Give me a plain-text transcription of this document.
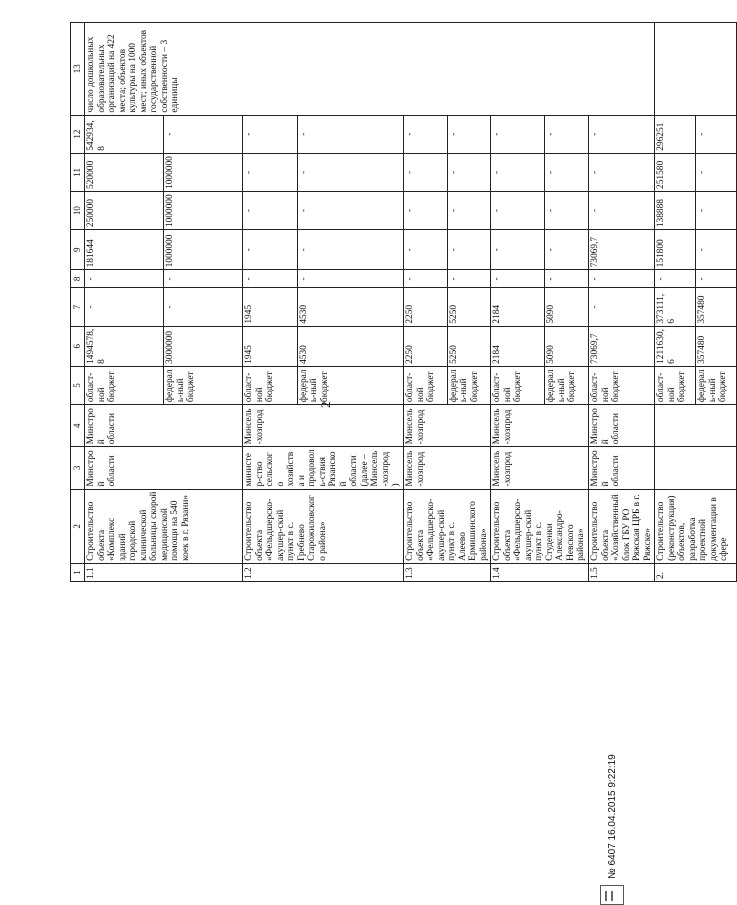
2
1	2	3	4	5	6	7	8	9	10	11	12	13
1.1	Строительство объекта «Комплекс зданий городской клинической больницы скорой медицинской помощи на 540 коек в г. Рязани»	Минстрой области	Минстрой области	област-ной бюджет	1494578,8	-	-	181644	250000	520000	542934,8	число дошкольных образовательных организаций на 422 места; объектов культуры на 1000 мест; иных объектов государственной собственности – 3 единицы
				федераль-ный бюджет	3000000	-	-	1000000	1000000	1000000	-	
1.2	Строительство объекта «Фельдшерско-акушер-ский пункт в с. Гребнево Старожиловского района»	министер-ство сельского хозяйства и продоволь-ствия Рязанской области (далее – Минсель-хозпрод)	Минсель-хозпрод	област-ной бюджет	1945	1945	-	-	-	-	-	
				федераль-ный бюджет	4530	4530	-	-	-	-	-	
1.3	Строительство объекта «Фельдшерско-акушер-ский пункт в с. Алеево Ермишинского района»	Минсель-хозпрод	Минсель-хозпрод	област-ной бюджет	2250	2250	-	-	-	-	-	
				федераль-ный бюджет	5250	5250	-	-	-	-	-	
1.4	Строительство объекта «Фельдшерско-акушер-ский пункт в с. Студенки Александро-Невского района»	Минсель-хозпрод	Минсель-хозпрод	област-ной бюджет	2184	2184	-	-	-	-	-	
				федераль-ный бюджет	5090	5090	-	-	-	-	-	
1.5	Строительство объекта «Хозяйственный блок ГБУ РО Ряжская ЦРБ в г. Ряжске»	Минстрой области	Минстрой области	област-ной бюджет	73069,7	-	-	73069,7	-	-	-	
2.	Строительство (реконструкция) объектов, разработка проектной документации в сфере			област-ной бюджет	1211630,6	373111,6	-	151800	138888	251580	296251	
				федераль-ный бюджет	357480	357480	-	-	-	-	-	
№ 6407 16.04.2015 9:22:19
